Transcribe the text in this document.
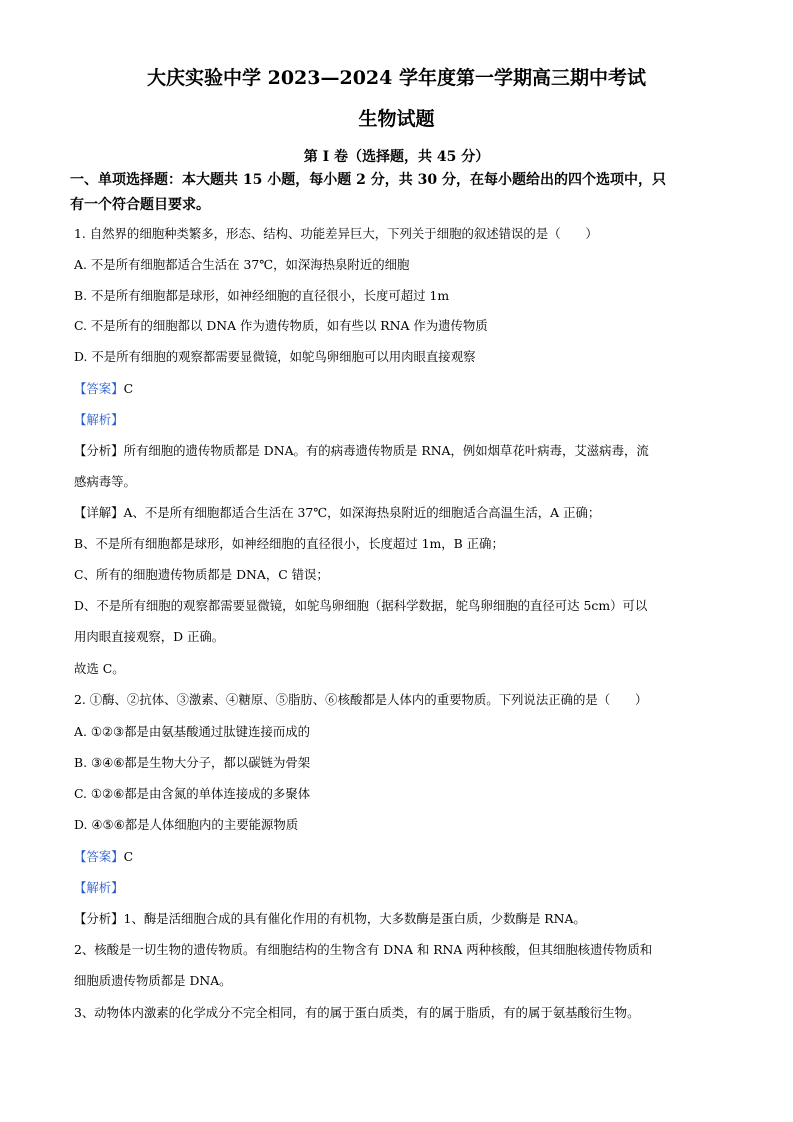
大庆实验中学 2023—2024 学年度第一学期高三期中考试
生物试题
第 I 卷（选择题，共 45 分）
一、单项选择题：本大题共 15 小题，每小题 2 分，共 30 分，在每小题给出的四个选项中，只
有一个符合题目要求。
1. 自然界的细胞种类繁多，形态、结构、功能差异巨大，下列关于细胞的叙述错误的是（　　）
A. 不是所有细胞都适合生活在 37℃，如深海热泉附近的细胞
B. 不是所有细胞都是球形，如神经细胞的直径很小，长度可超过 1m
C. 不是所有的细胞都以 DNA 作为遗传物质，如有些以 RNA 作为遗传物质
D. 不是所有细胞的观察都需要显微镜，如鸵鸟卵细胞可以用肉眼直接观察
【答案】C
【解析】
【分析】所有细胞的遗传物质都是 DNA。有的病毒遗传物质是 RNA，例如烟草花叶病毒，艾滋病毒，流
感病毒等。
【详解】A、不是所有细胞都适合生活在 37℃，如深海热泉附近的细胞适合高温生活，A 正确；
B、不是所有细胞都是球形，如神经细胞的直径很小，长度超过 1m，B 正确；
C、所有的细胞遗传物质都是 DNA，C 错误；
D、不是所有细胞的观察都需要显微镜，如鸵鸟卵细胞（据科学数据，鸵鸟卵细胞的直径可达 5cm）可以
用肉眼直接观察，D 正确。
故选 C。
2. ①酶、②抗体、③激素、④糖原、⑤脂肪、⑥核酸都是人体内的重要物质。下列说法正确的是（　　）
A. ①②③都是由氨基酸通过肽键连接而成的
B. ③④⑥都是生物大分子，都以碳链为骨架
C. ①②⑥都是由含氮的单体连接成的多聚体
D. ④⑤⑥都是人体细胞内的主要能源物质
【答案】C
【解析】
【分析】1、酶是活细胞合成的具有催化作用的有机物，大多数酶是蛋白质，少数酶是 RNA。
2、核酸是一切生物的遗传物质。有细胞结构的生物含有 DNA 和 RNA 两种核酸，但其细胞核遗传物质和
细胞质遗传物质都是 DNA。
3、动物体内激素的化学成分不完全相同，有的属于蛋白质类，有的属于脂质，有的属于氨基酸衍生物。
